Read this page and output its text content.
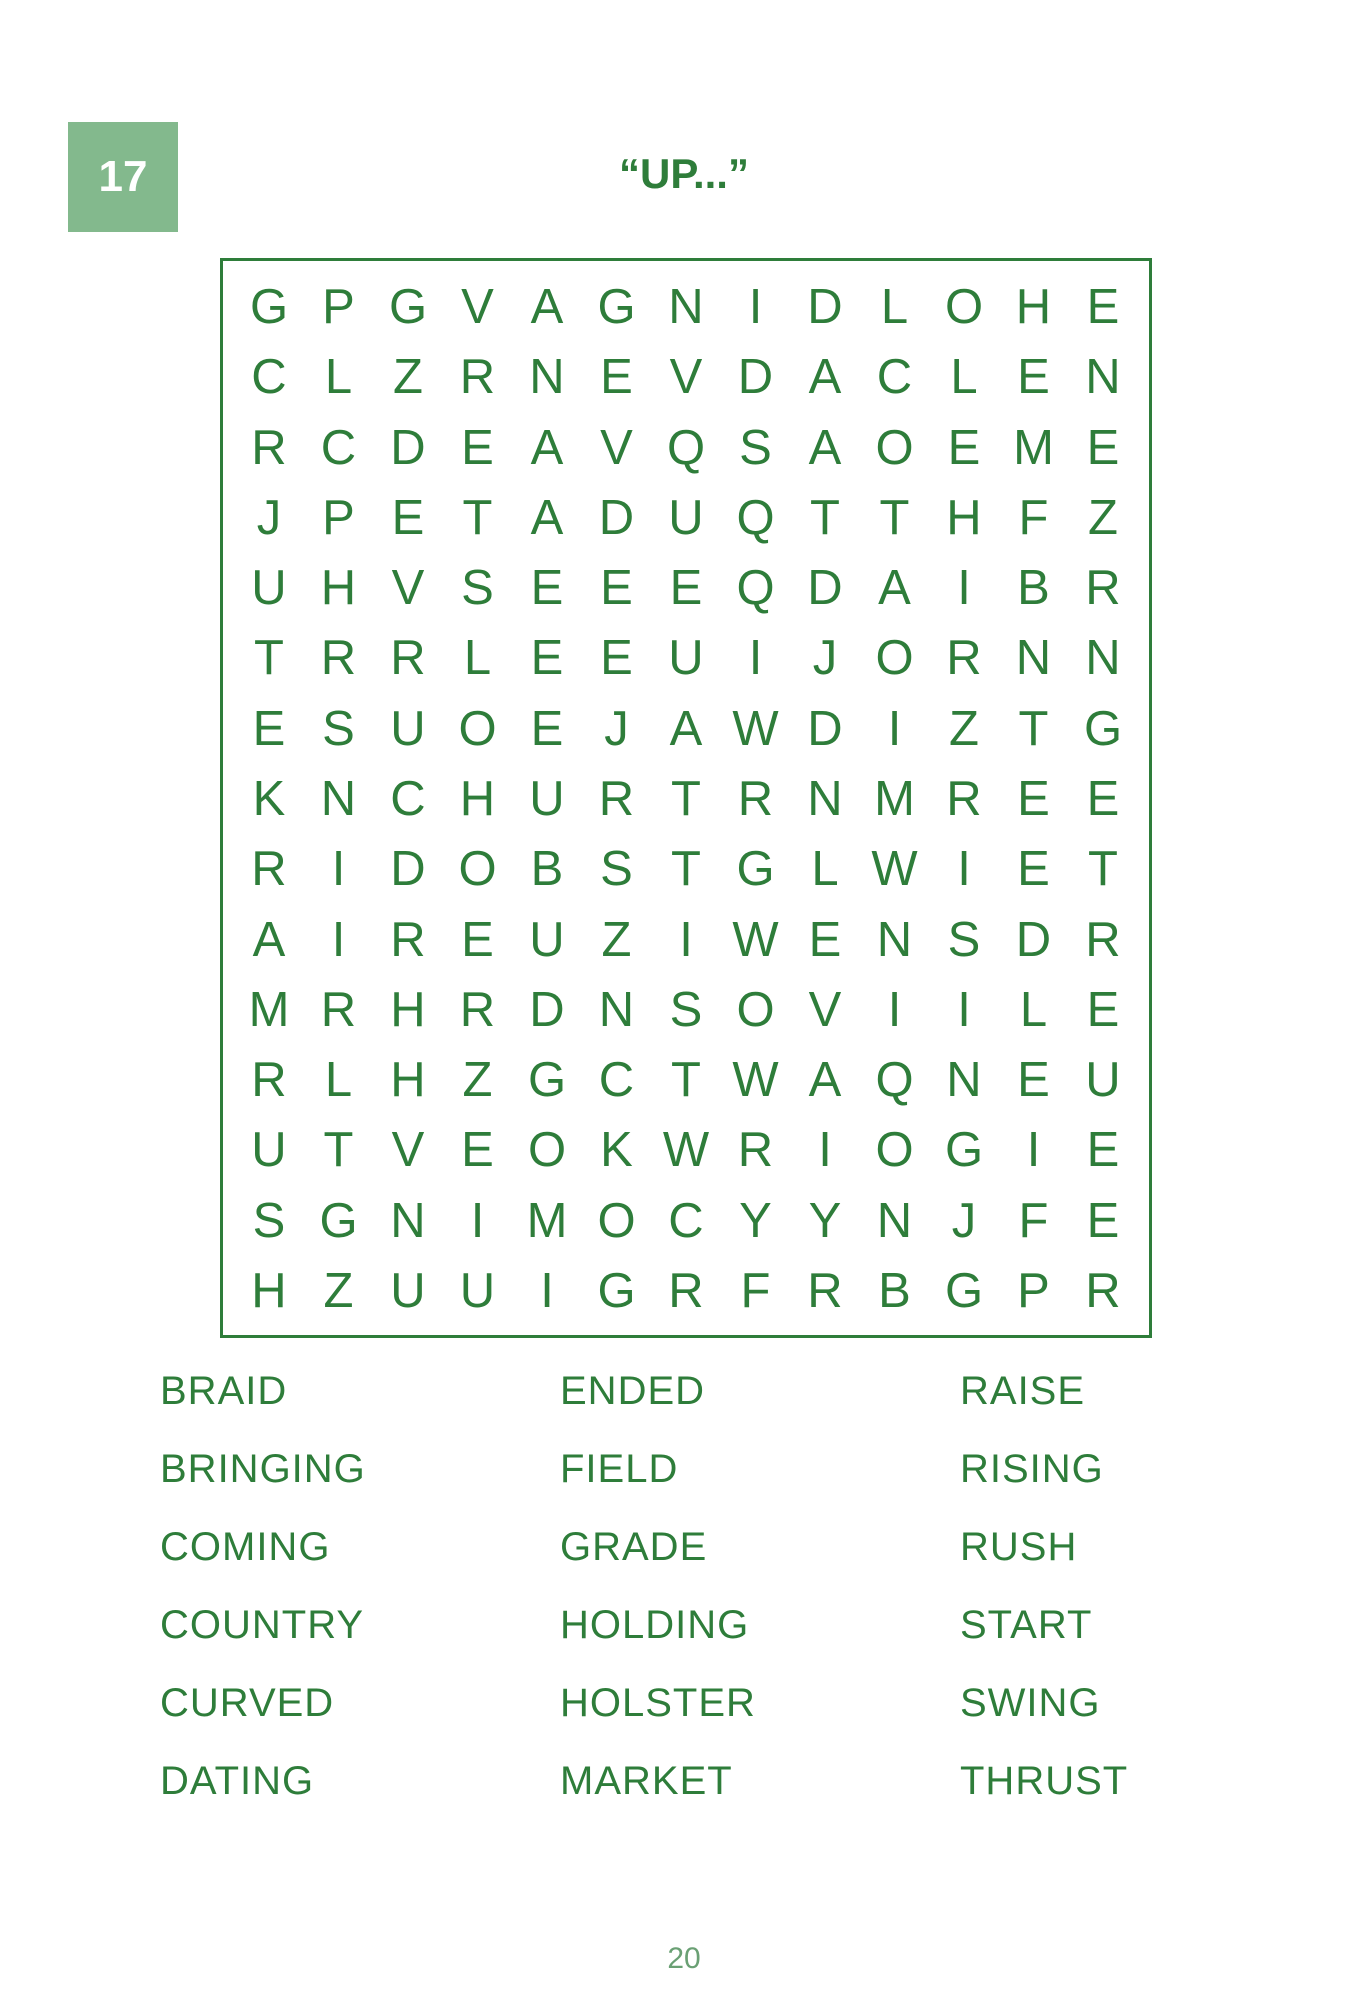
17	“UP...”
G P G V A G N I D L O H E
C L Z R N E V D A C L E N
R C D E A V Q S A O E M E
J P E T A D U Q T T H F Z
U H V S E E E Q D A I B R
T R R L E E U I	J O R N N
E S U O E J A W D I Z T G
K N C H U R T R N M R E E
R I D O B S T G L W I E T
A I R E U Z I W E N S D R
M R H R D N S O V I	I	L E
R L H Z G C T W A Q N E U
U T V E O K W R I O G I E
S G N I M O C Y Y N J F E
H Z U U I G R F R B G P R
BRAID	ENDED	RAISE
BRINGING	FIELD	RISING
COMING	GRADE	RUSH
COUNTRY	HOLDING	START
CURVED	HOLSTER	SWING
DATING	MARKET	THRUST
20
